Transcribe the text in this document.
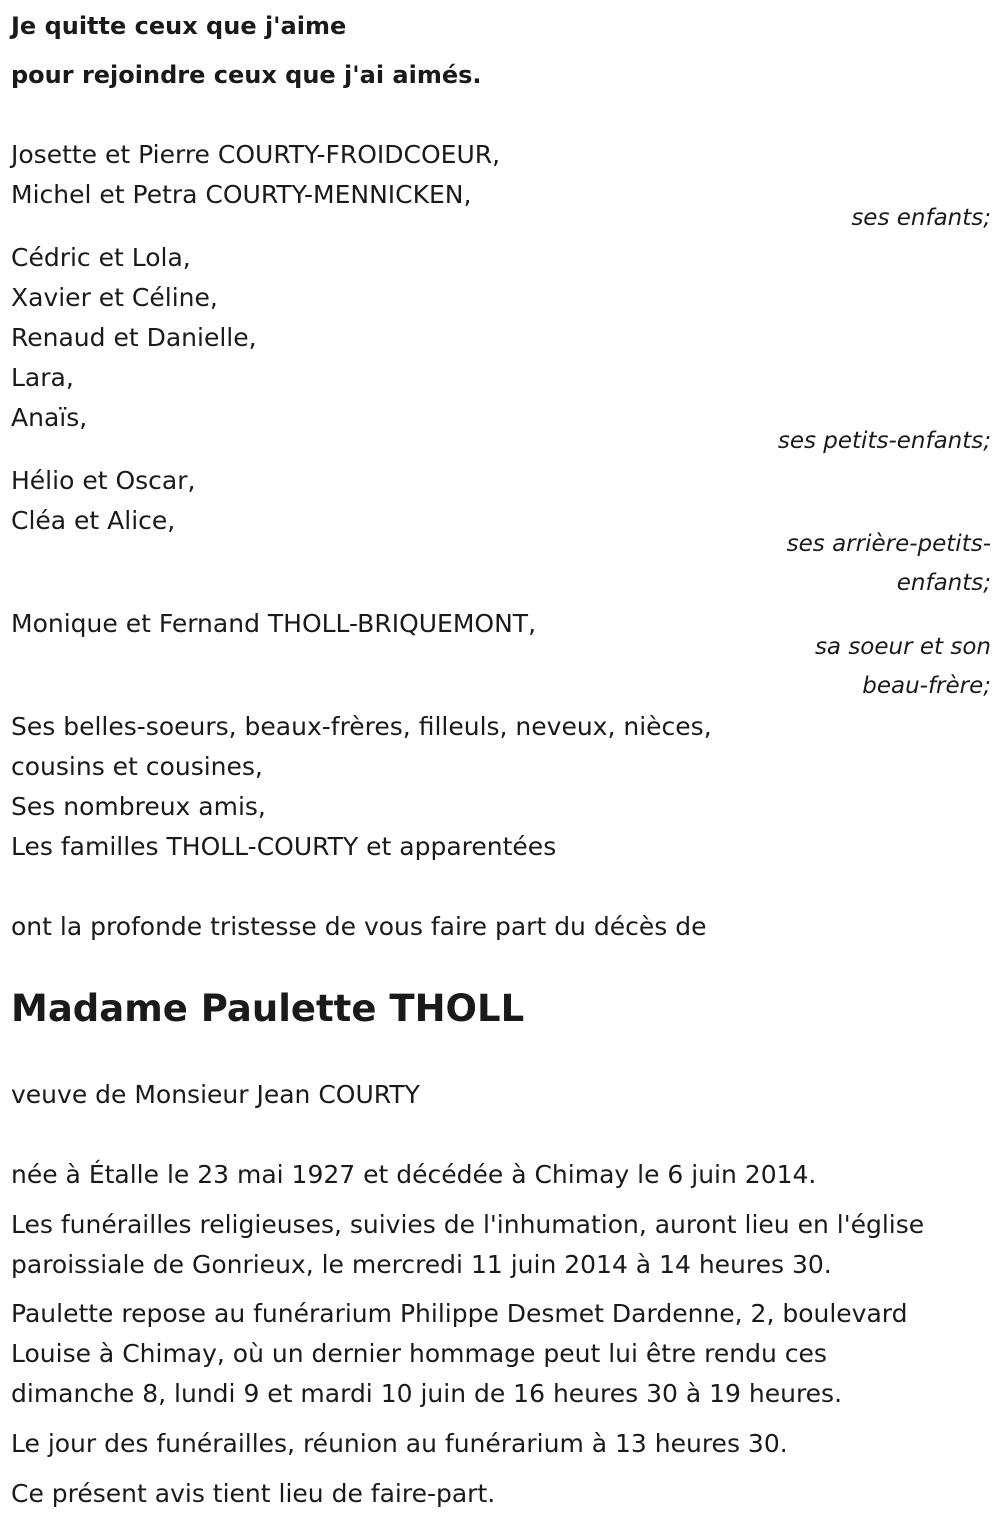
Je quitte ceux que j'aime
pour rejoindre ceux que j'ai aimés.
Josette et Pierre COURTY-FROIDCOEUR,
Michel et Petra COURTY-MENNICKEN,
ses enfants;
Cédric et Lola,
Xavier et Céline,
Renaud et Danielle,
Lara,
Anaïs,
ses petits-enfants;
Hélio et Oscar,
Cléa et Alice,
ses arrière-petits-
enfants;
Monique et Fernand THOLL-BRIQUEMONT,
sa soeur et son
beau-frère;
Ses belles-soeurs, beaux-frères, filleuls, neveux, nièces,
cousins et cousines,
Ses nombreux amis,
Les familles THOLL-COURTY et apparentées
ont la profonde tristesse de vous faire part du décès de
Madame Paulette THOLL
veuve de Monsieur Jean COURTY
née à Étalle le 23 mai 1927 et décédée à Chimay le 6 juin 2014.
Les funérailles religieuses, suivies de l'inhumation, auront lieu en l'église
paroissiale de Gonrieux, le mercredi 11 juin 2014 à 14 heures 30.
Paulette repose au funérarium Philippe Desmet Dardenne, 2, boulevard
Louise à Chimay, où un dernier hommage peut lui être rendu ces
dimanche 8, lundi 9 et mardi 10 juin de 16 heures 30 à 19 heures.
Le jour des funérailles, réunion au funérarium à 13 heures 30.
Ce présent avis tient lieu de faire-part.
